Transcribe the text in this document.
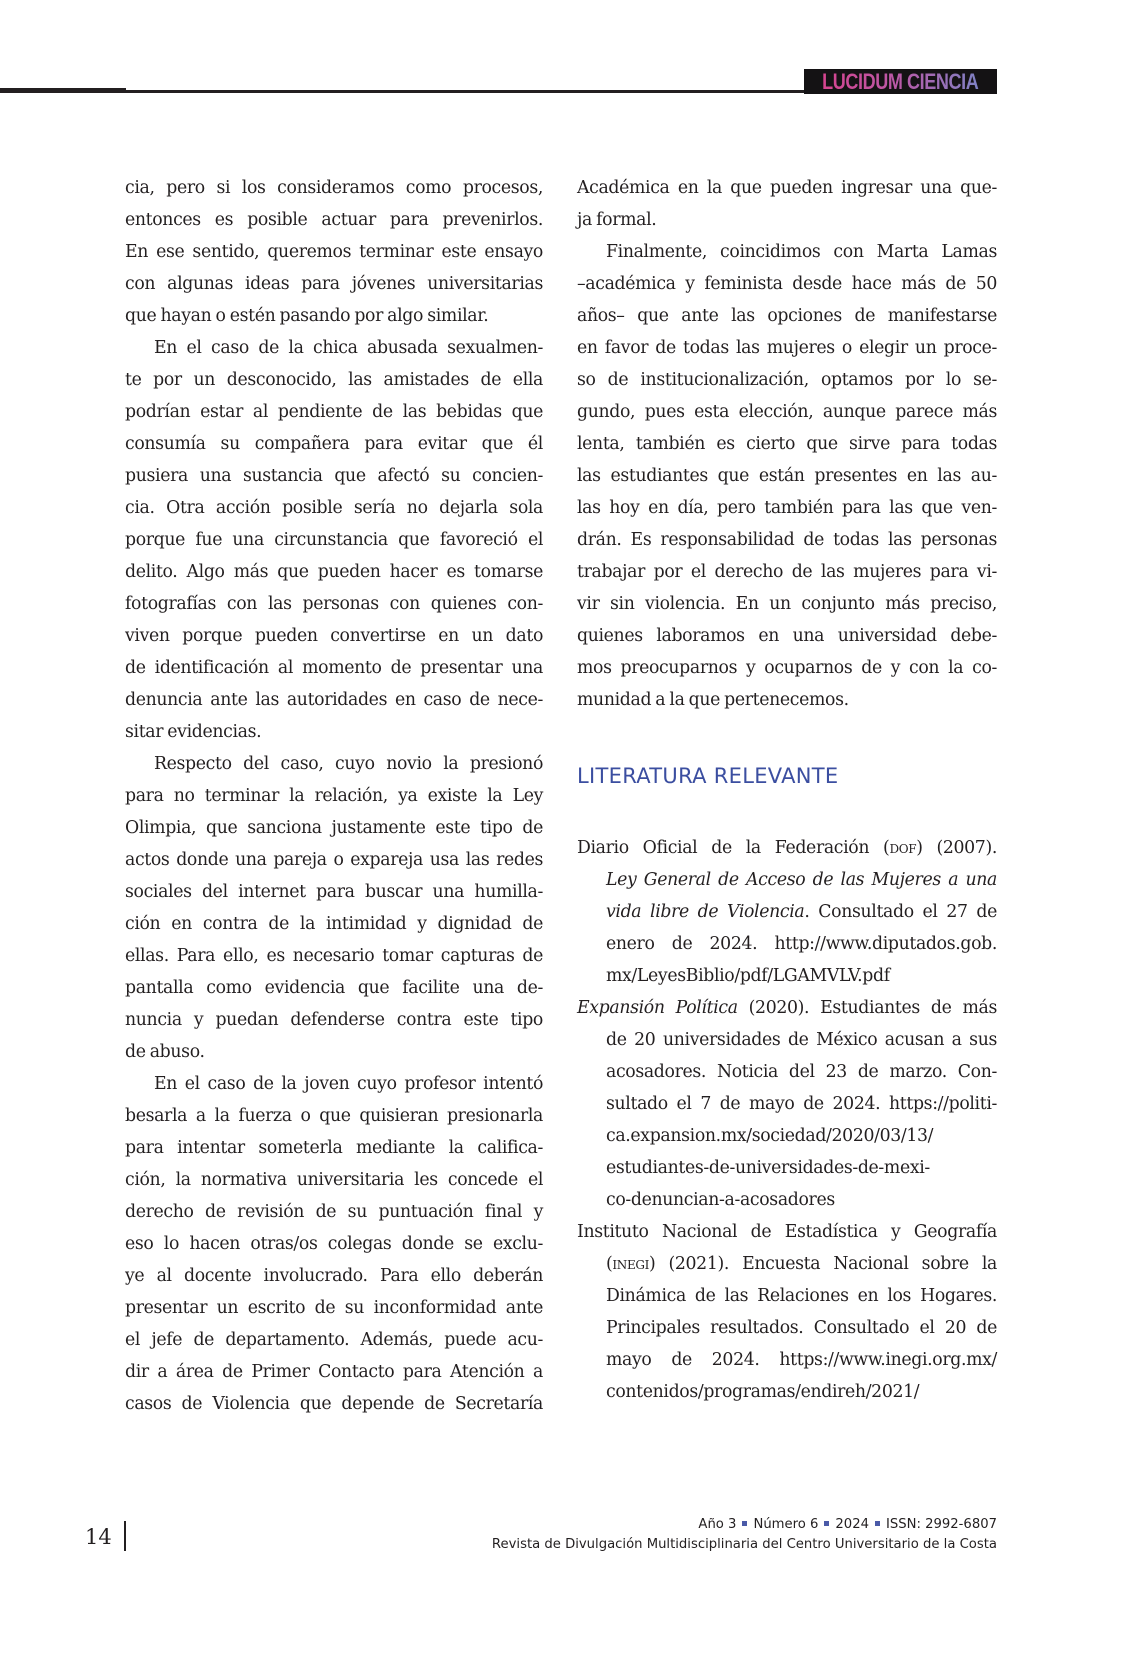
LUCIDUM CIENCIA
cia, pero si los consideramos como procesos,
entonces es posible actuar para prevenirlos.
En ese sentido, queremos terminar este ensayo
con algunas ideas para jóvenes universitarias
que hayan o estén pasando por algo similar.
En el caso de la chica abusada sexualmen-
te por un desconocido, las amistades de ella
podrían estar al pendiente de las bebidas que
consumía su compañera para evitar que él
pusiera una sustancia que afectó su concien-
cia. Otra acción posible sería no dejarla sola
porque fue una circunstancia que favoreció el
delito. Algo más que pueden hacer es tomarse
fotografías con las personas con quienes con-
viven porque pueden convertirse en un dato
de identificación al momento de presentar una
denuncia ante las autoridades en caso de nece-
sitar evidencias.
Respecto del caso, cuyo novio la presionó
para no terminar la relación, ya existe la Ley
Olimpia, que sanciona justamente este tipo de
actos donde una pareja o expareja usa las redes
sociales del internet para buscar una humilla-
ción en contra de la intimidad y dignidad de
ellas. Para ello, es necesario tomar capturas de
pantalla como evidencia que facilite una de-
nuncia y puedan defenderse contra este tipo
de abuso.
En el caso de la joven cuyo profesor intentó
besarla a la fuerza o que quisieran presionarla
para intentar someterla mediante la califica-
ción, la normativa universitaria les concede el
derecho de revisión de su puntuación final y
eso lo hacen otras/os colegas donde se exclu-
ye al docente involucrado. Para ello deberán
presentar un escrito de su inconformidad ante
el jefe de departamento. Además, puede acu-
dir a área de Primer Contacto para Atención a
casos de Violencia que depende de Secretaría
Académica en la que pueden ingresar una que-
ja formal.
Finalmente, coincidimos con Marta Lamas
–académica y feminista desde hace más de 50
años– que ante las opciones de manifestarse
en favor de todas las mujeres o elegir un proce-
so de institucionalización, optamos por lo se-
gundo, pues esta elección, aunque parece más
lenta, también es cierto que sirve para todas
las estudiantes que están presentes en las au-
las hoy en día, pero también para las que ven-
drán. Es responsabilidad de todas las personas
trabajar por el derecho de las mujeres para vi-
vir sin violencia. En un conjunto más preciso,
quienes laboramos en una universidad debe-
mos preocuparnos y ocuparnos de y con la co-
munidad a la que pertenecemos.
LITERATURA RELEVANTE
Diario Oficial de la Federación (dof) (2007).
Ley General de Acceso de las Mujeres a una
vida libre de Violencia. Consultado el 27 de
enero de 2024. http://www.diputados.gob.
mx/LeyesBiblio/pdf/LGAMVLV.pdf
Expansión Política (2020). Estudiantes de más
de 20 universidades de México acusan a sus
acosadores. Noticia del 23 de marzo. Con-
sultado el 7 de mayo de 2024. https://politi-
ca.expansion.mx/sociedad/2020/03/13/
estudiantes-de-universidades-de-mexi-
co-denuncian-a-acosadores
Instituto Nacional de Estadística y Geografía
(inegi) (2021). Encuesta Nacional sobre la
Dinámica de las Relaciones en los Hogares.
Principales resultados. Consultado el 20 de
mayo de 2024. https://www.inegi.org.mx/
contenidos/programas/endireh/2021/
14
Año 3 Número 6 2024 ISSN: 2992-6807
Revista de Divulgación Multidisciplinaria del Centro Universitario de la Costa
